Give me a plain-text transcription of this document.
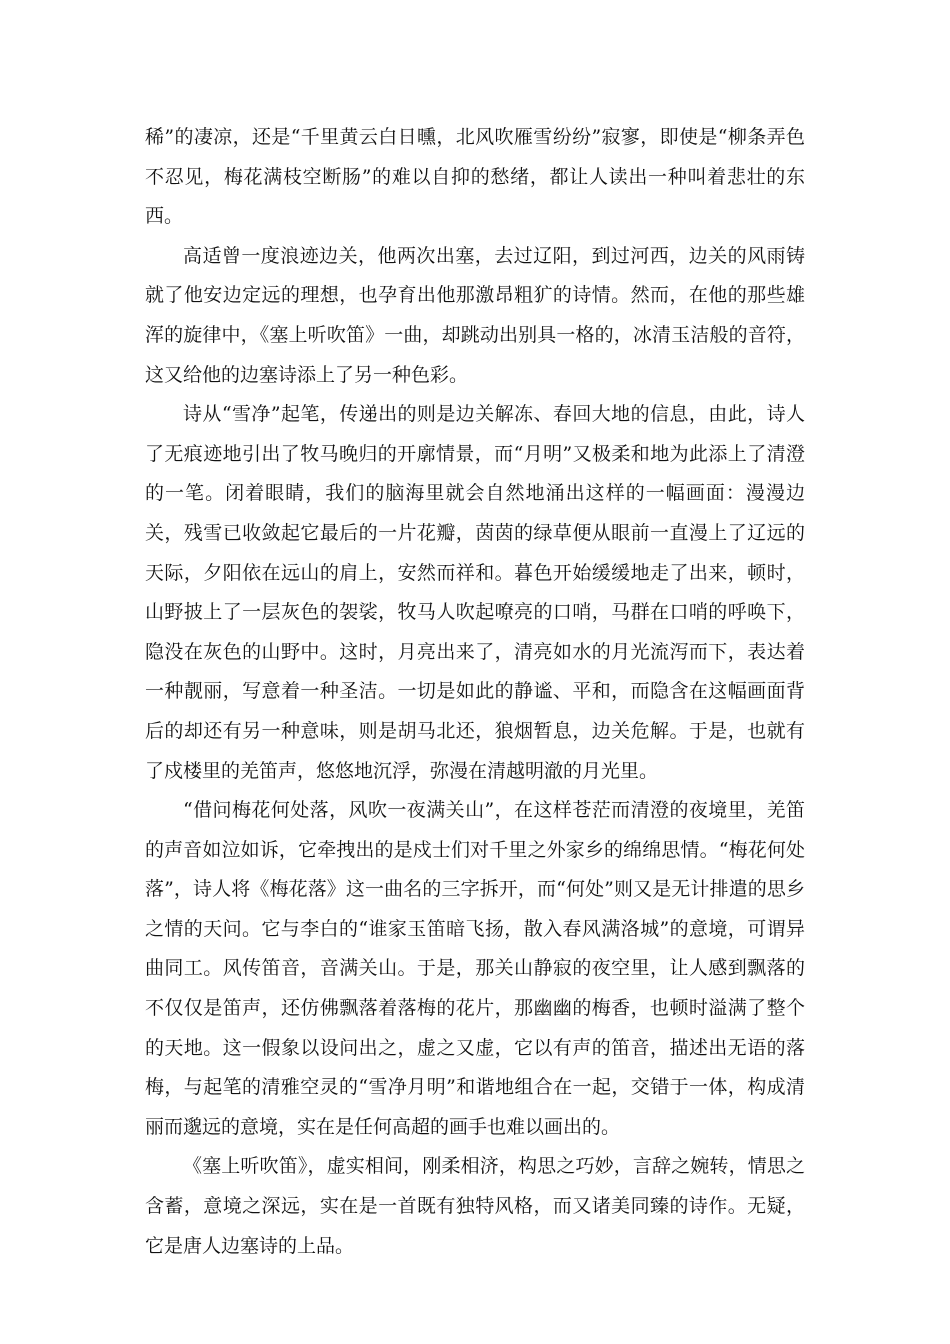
稀”的凄凉，还是“千里黄云白日曛，北风吹雁雪纷纷”寂寥，即使是“柳条弄色不忍见，梅花满枝空断肠”的难以自抑的愁绪，都让人读出一种叫着悲壮的东西。

高适曾一度浪迹边关，他两次出塞，去过辽阳，到过河西，边关的风雨铸就了他安边定远的理想，也孕育出他那激昂粗犷的诗情。然而，在他的那些雄浑的旋律中，《塞上听吹笛》一曲，却跳动出别具一格的，冰清玉洁般的音符，这又给他的边塞诗添上了另一种色彩。

诗从“雪净”起笔，传递出的则是边关解冻、春回大地的信息，由此，诗人了无痕迹地引出了牧马晚归的开廓情景，而“月明”又极柔和地为此添上了清澄的一笔。闭着眼睛，我们的脑海里就会自然地涌出这样的一幅画面：漫漫边关，残雪已收敛起它最后的一片花瓣，茵茵的绿草便从眼前一直漫上了辽远的天际，夕阳依在远山的肩上，安然而祥和。暮色开始缓缓地走了出来，顿时，山野披上了一层灰色的袈裟，牧马人吹起嘹亮的口哨，马群在口哨的呼唤下，隐没在灰色的山野中。这时，月亮出来了，清亮如水的月光流泻而下，表达着一种靓丽，写意着一种圣洁。一切是如此的静谧、平和，而隐含在这幅画面背后的却还有另一种意味，则是胡马北还，狼烟暂息，边关危解。于是，也就有了戍楼里的羌笛声，悠悠地沉浮，弥漫在清越明澈的月光里。

“借问梅花何处落，风吹一夜满关山”，在这样苍茫而清澄的夜境里，羌笛的声音如泣如诉，它牵拽出的是戍士们对千里之外家乡的绵绵思情。“梅花何处落”，诗人将《梅花落》这一曲名的三字拆开，而“何处”则又是无计排遣的思乡之情的天问。它与李白的“谁家玉笛暗飞扬，散入春风满洛城”的意境，可谓异曲同工。风传笛音，音满关山。于是，那关山静寂的夜空里，让人感到飘落的不仅仅是笛声，还仿佛飘落着落梅的花片，那幽幽的梅香，也顿时溢满了整个的天地。这一假象以设问出之，虚之又虚，它以有声的笛音，描述出无语的落梅，与起笔的清雅空灵的“雪净月明”和谐地组合在一起，交错于一体，构成清丽而邈远的意境，实在是任何高超的画手也难以画出的。

《塞上听吹笛》，虚实相间，刚柔相济，构思之巧妙，言辞之婉转，情思之含蓄，意境之深远，实在是一首既有独特风格，而又诸美同臻的诗作。无疑，它是唐人边塞诗的上品。
